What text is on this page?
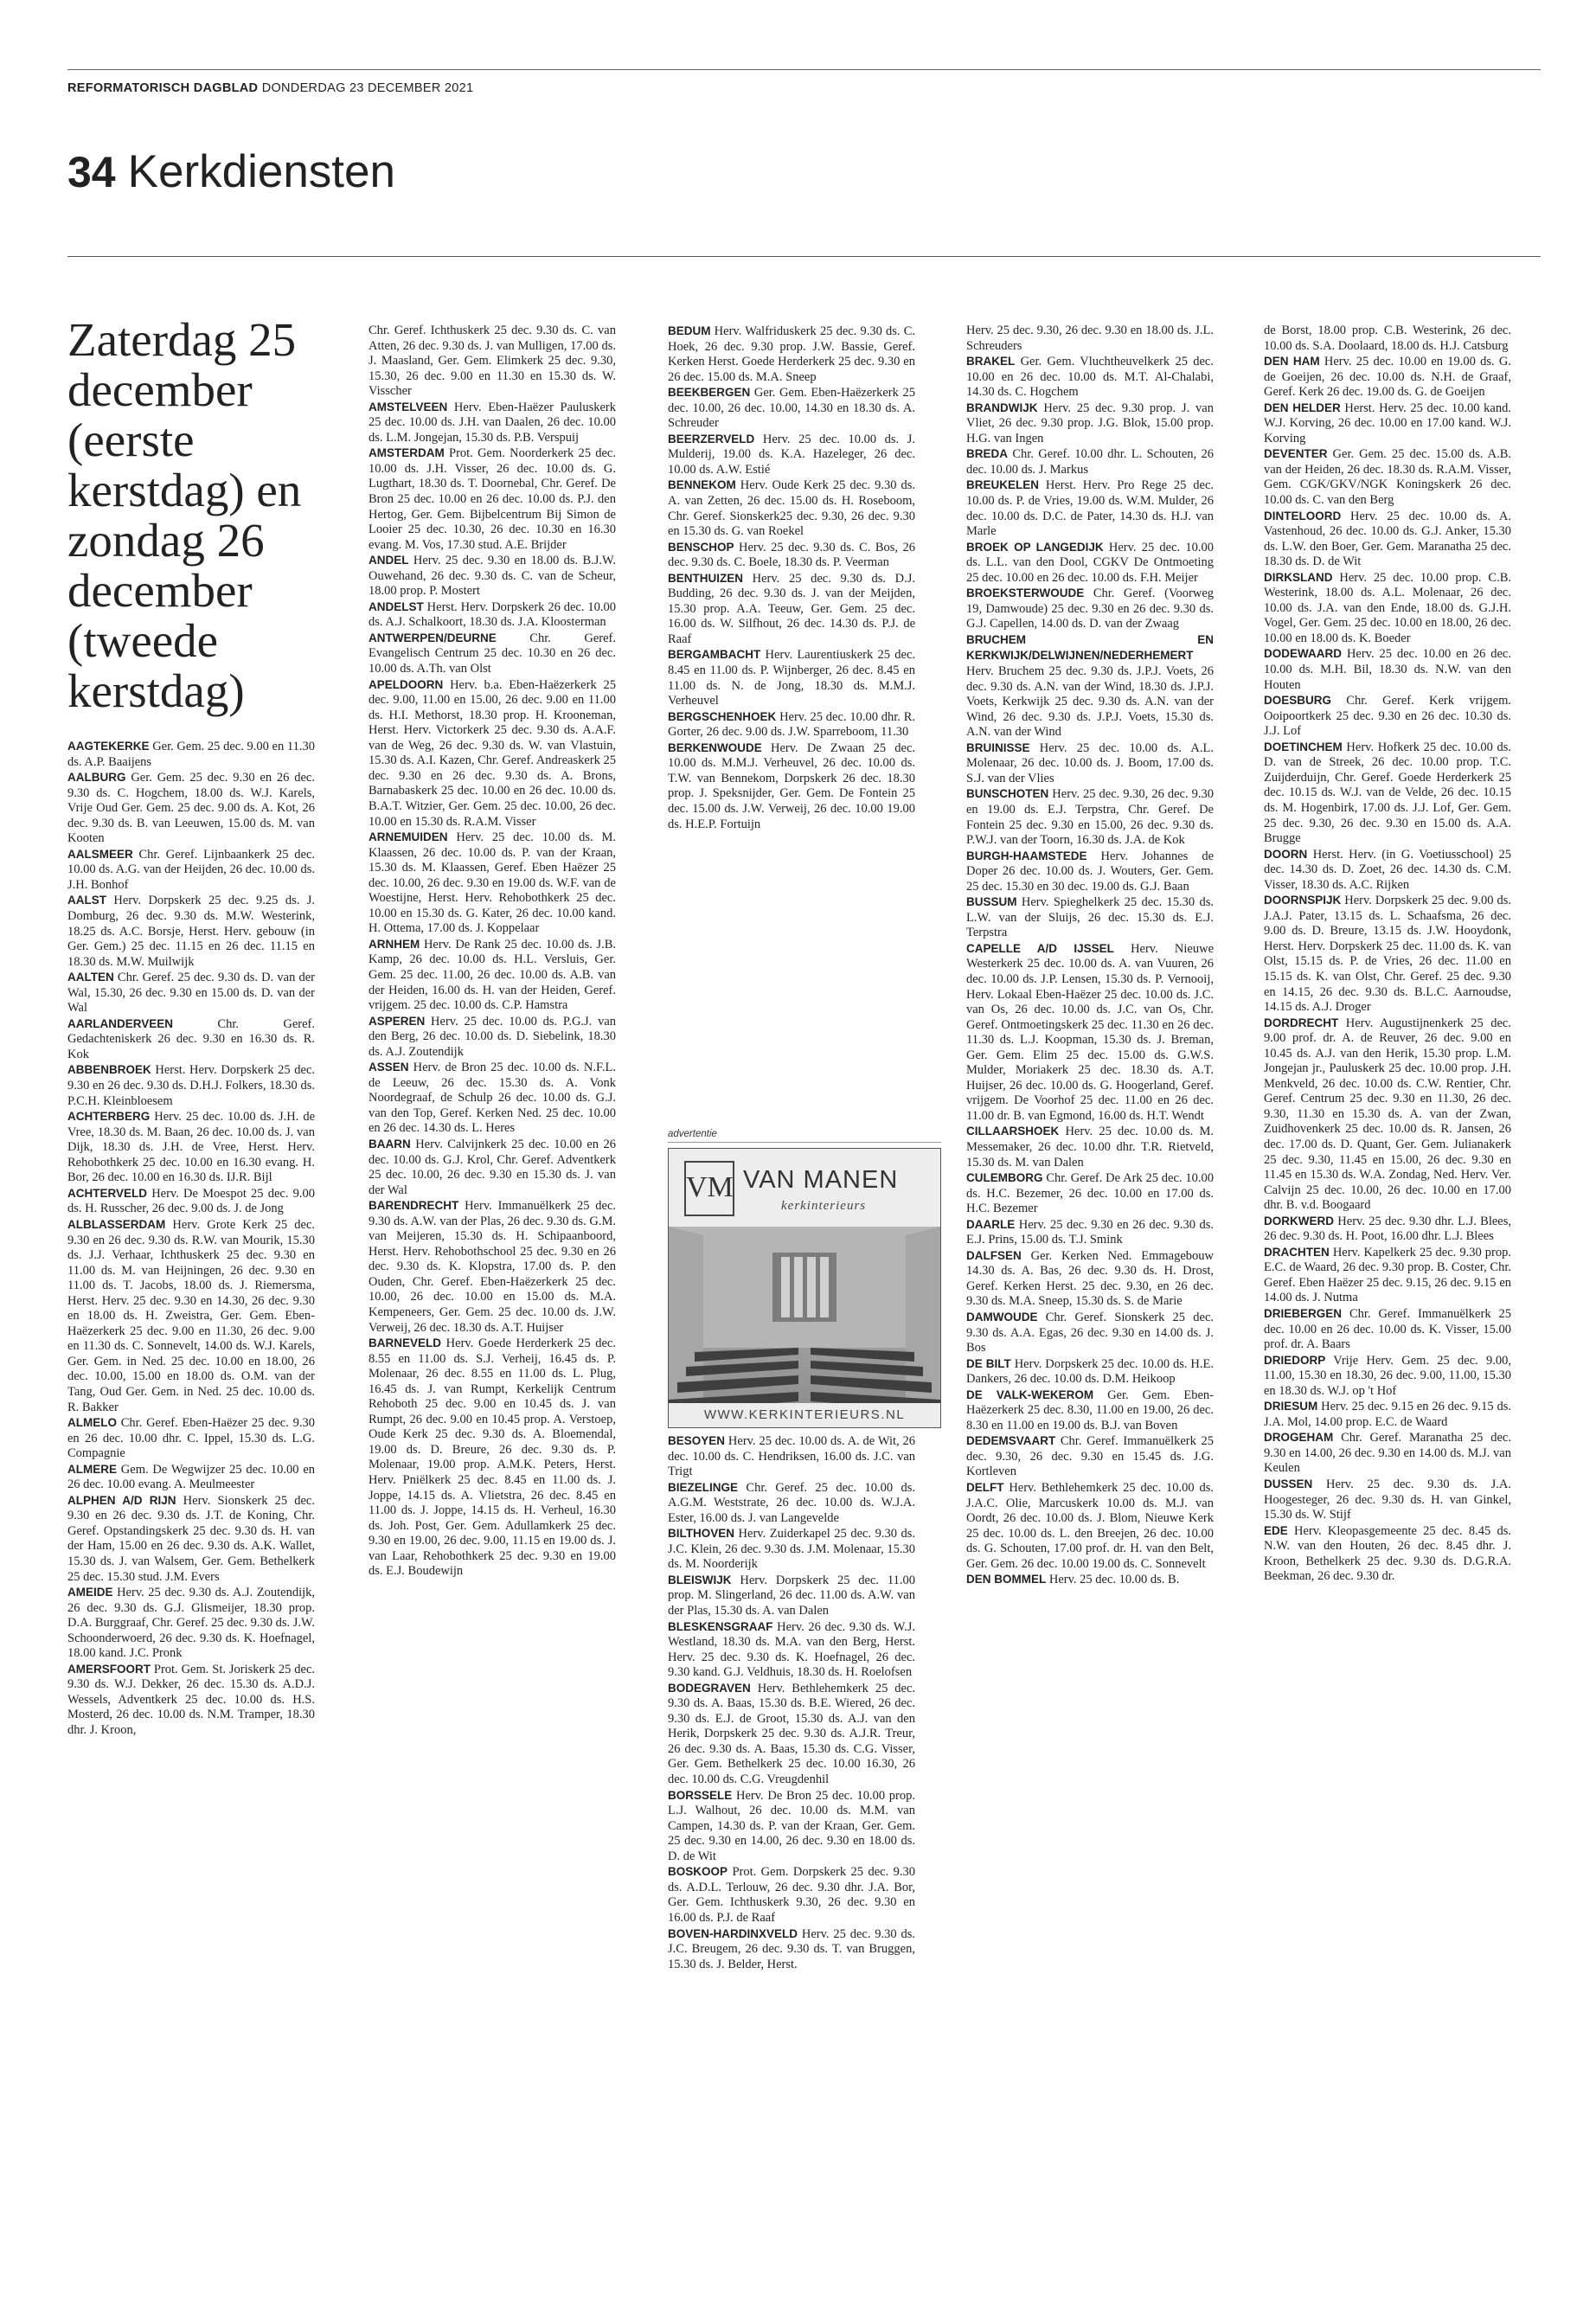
REFORMATORISCH DAGBLAD DONDERDAG 23 DECEMBER 2021
34 Kerkdiensten
Zaterdag 25 december (eerste kerstdag) en zondag 26 december (tweede kerstdag)

AAGTEKERKE Ger. Gem. 25 dec. 9.00 en 11.30 ds. A.P. Baaijens

AALBURG Ger. Gem. 25 dec. 9.30 en 26 dec. 9.30 ds. C. Hogchem, 18.00 ds. W.J. Karels, Vrije Oud Ger. Gem. 25 dec. 9.00 ds. A. Kot, 26 dec. 9.30 ds. B. van Leeuwen, 15.00 ds. M. van Kooten

AALSMEER Chr. Geref. Lijnbaankerk 25 dec. 10.00 ds. A.G. van der Heijden, 26 dec. 10.00 ds. J.H. Bonhof

AALST Herv. Dorpskerk 25 dec. 9.25 ds. J. Domburg, 26 dec. 9.30 ds. M.W. Westerink, 18.25 ds. A.C. Borsje, Herst. Herv. gebouw (in Ger. Gem.) 25 dec. 11.15 en 26 dec. 11.15 en 18.30 ds. M.W. Muilwijk

AALTEN Chr. Geref. 25 dec. 9.30 ds. D. van der Wal, 15.30, 26 dec. 9.30 en 15.00 ds. D. van der Wal

AARLANDERVEEN	Chr. Geref. Gedachteniskerk 26 dec. 9.30 en 16.30 ds. R. Kok

ABBENBROEK Herst. Herv. Dorpskerk 25 dec. 9.30 en 26 dec. 9.30 ds. D.H.J. Folkers, 18.30 ds. P.C.H. Kleinbloesem

ACHTERBERG Herv. 25 dec. 10.00 ds. J.H. de Vree, 18.30 ds. M. Baan, 26 dec. 10.00 ds. J. van Dijk, 18.30 ds. J.H. de Vree, Herst. Herv. Rehobothkerk 25 dec. 10.00 en 16.30 evang. H. Bor, 26 dec. 10.00 en 16.30 ds. IJ.R. Bijl

ACHTERVELD Herv. De Moespot 25 dec. 9.00 ds. H. Russcher, 26 dec. 9.00 ds. J. de Jong

ALBLASSERDAM Herv. Grote Kerk 25 dec. 9.30 en 26 dec. 9.30 ds. R.W. van Mourik, 15.30 ds. J.J. Verhaar, Ichthuskerk 25 dec. 9.30 en 11.00 ds. M. van Heijningen, 26 dec. 9.30 en 11.00 ds. T. Jacobs, 18.00 ds. J. Riemersma, Herst. Herv. 25 dec. 9.30 en 14.30, 26 dec. 9.30 en 18.00 ds. H. Zweistra, Ger. Gem. Eben-Haëzerkerk 25 dec. 9.00 en 11.30, 26 dec. 9.00 en 11.30 ds. C. Sonnevelt, 14.00 ds. W.J. Karels, Ger. Gem. in Ned. 25 dec. 10.00 en 18.00, 26 dec. 10.00, 15.00 en 18.00 ds. O.M. van der Tang, Oud Ger. Gem. in Ned. 25 dec. 10.00 ds. R. Bakker

ALMELO Chr. Geref. Eben-Haëzer 25 dec. 9.30 en 26 dec. 10.00 dhr. C. Ippel, 15.30 ds. L.G. Compagnie

ALMERE Gem. De Wegwijzer 25 dec. 10.00 en 26 dec. 10.00 evang. A. Meulmeester

ALPHEN A/D RIJN Herv. Sionskerk 25 dec. 9.30 en 26 dec. 9.30 ds. J.T. de Koning, Chr. Geref. Opstandingskerk 25 dec. 9.30 ds. H. van der Ham, 15.00 en 26 dec. 9.30 ds. A.K. Wallet, 15.30 ds. J. van Walsem, Ger. Gem. Bethelkerk 25 dec. 15.30 stud. J.M. Evers

AMEIDE Herv. 25 dec. 9.30 ds. A.J. Zoutendijk, 26 dec. 9.30 ds. G.J. Glismeijer, 18.30 prop. D.A. Burggraaf, Chr. Geref. 25 dec. 9.30 ds. J.W. Schoonderwoerd, 26 dec. 9.30 ds. K. Hoefnagel, 18.00 kand. J.C. Pronk

AMERSFOORT Prot. Gem. St. Joriskerk 25 dec. 9.30 ds. W.J. Dekker, 26 dec. 15.30 ds. A.D.J. Wessels, Adventkerk 25 dec. 10.00 ds. H.S. Mosterd, 26 dec. 10.00 ds. N.M. Tramper, 18.30 dhr. J. Kroon,

Chr. Geref. Ichthuskerk 25 dec. 9.30 ds. C. van Atten, 26 dec. 9.30 ds. J. van Mulligen, 17.00 ds. J. Maasland, Ger. Gem. Elimkerk 25 dec. 9.30, 15.30, 26 dec. 9.00 en 11.30 en 15.30 ds. W. Visscher

AMSTELVEEN Herv. Eben-Haëzer Pauluskerk 25 dec. 10.00 ds. J.H. van Daalen, 26 dec. 10.00 ds. L.M. Jongejan, 15.30 ds. P.B. Verspuij

AMSTERDAM Prot. Gem. Noorderkerk 25 dec. 10.00 ds. J.H. Visser, 26 dec. 10.00 ds. G. Lugthart, 18.30 ds. T. Doornebal, Chr. Geref. De Bron 25 dec. 10.00 en 26 dec. 10.00 ds. P.J. den Hertog, Ger. Gem. Bijbelcentrum Bij Simon de Looier 25 dec. 10.30, 26 dec. 10.30 en 16.30 evang. M. Vos, 17.30 stud. A.E. Brijder

ANDEL Herv. 25 dec. 9.30 en 18.00 ds. B.J.W. Ouwehand, 26 dec. 9.30 ds. C. van de Scheur, 18.00 prop. P. Mostert

ANDELST Herst. Herv. Dorpskerk 26 dec. 10.00 ds. A.J. Schalkoort, 18.30 ds. J.A. Kloosterman

ANTWERPEN/DEURNE	Chr. Geref. Evangelisch Centrum 25 dec. 10.30 en 26 dec. 10.00 ds. A.Th. van Olst

APELDOORN Herv. b.a. Eben-Haëzerkerk 25 dec. 9.00, 11.00 en 15.00, 26 dec. 9.00 en 11.00 ds. H.I. Methorst, 18.30 prop. H. Krooneman, Herst. Herv. Victorkerk 25 dec. 9.30 ds. A.A.F. van de Weg, 26 dec. 9.30 ds. W. van Vlastuin, 15.30 ds. A.I. Kazen, Chr. Geref. Andreaskerk 25 dec. 9.30 en 26 dec. 9.30 ds. A. Brons, Barnabaskerk 25 dec. 10.00 en 26 dec. 10.00 ds. B.A.T. Witzier, Ger. Gem. 25 dec. 10.00, 26 dec. 10.00 en 15.30 ds. R.A.M. Visser

ARNEMUIDEN Herv. 25 dec. 10.00 ds. M. Klaassen, 26 dec. 10.00 ds. P. van der Kraan, 15.30 ds. M. Klaassen, Geref. Eben Haëzer 25 dec. 10.00, 26 dec. 9.30 en 19.00 ds. W.F. van de Woestijne, Herst. Herv. Rehobothkerk 25 dec. 10.00 en 15.30 ds. G. Kater, 26 dec. 10.00 kand. H. Ottema, 17.00 ds. J. Koppelaar

ARNHEM Herv. De Rank 25 dec. 10.00 ds. J.B. Kamp, 26 dec. 10.00 ds. H.L. Versluis, Ger. Gem. 25 dec. 11.00, 26 dec. 10.00 ds. A.B. van der Heiden, 16.00 ds. H. van der Heiden, Geref. vrijgem. 25 dec. 10.00 ds. C.P. Hamstra

ASPEREN Herv. 25 dec. 10.00 ds. P.G.J. van den Berg, 26 dec. 10.00 ds. D. Siebelink, 18.30 ds. A.J. Zoutendijk

ASSEN Herv. de Bron 25 dec. 10.00 ds. N.F.L. de Leeuw, 26 dec. 15.30 ds. A. Vonk Noordegraaf, de Schulp 26 dec. 10.00 ds. G.J. van den Top, Geref. Kerken Ned. 25 dec. 10.00 en 26 dec. 14.30 ds. L. Heres

BAARN Herv. Calvijnkerk 25 dec. 10.00 en 26 dec. 10.00 ds. G.J. Krol, Chr. Geref. Adventkerk 25 dec. 10.00, 26 dec. 9.30 en 15.30 ds. J. van der Wal

BARENDRECHT Herv. Immanuëlkerk 25 dec. 9.30 ds. A.W. van der Plas, 26 dec. 9.30 ds. G.M. van Meijeren, 15.30 ds. H. Schipaanboord, Herst. Herv. Rehobothschool 25 dec. 9.30 en 26 dec. 9.30 ds. K. Klopstra, 17.00 ds. P. den Ouden, Chr. Geref. Eben-Haëzerkerk 25 dec. 10.00, 26 dec. 10.00 en 15.00 ds. M.A. Kempeneers, Ger. Gem. 25 dec. 10.00 ds. J.W. Verweij, 26 dec. 18.30 ds. A.T. Huijser

BARNEVELD Herv. Goede Herderkerk 25 dec. 8.55 en 11.00 ds. S.J. Verheij, 16.45 ds. P. Molenaar, 26 dec. 8.55 en 11.00 ds. L. Plug, 16.45 ds. J. van Rumpt, Kerkelijk Centrum Rehoboth 25 dec. 9.00 en 10.45 ds. J. van Rumpt, 26 dec. 9.00 en 10.45 prop. A. Verstoep, Oude Kerk 25 dec. 9.30 ds. A. Bloemendal, 19.00 ds. D. Breure, 26 dec. 9.30 ds. P. Molenaar, 19.00 prop. A.M.K. Peters, Herst. Herv. Pniëlkerk 25 dec. 8.45 en 11.00 ds. J. Joppe, 14.15 ds. A. Vlietstra, 26 dec. 8.45 en 11.00 ds. J. Joppe, 14.15 ds. H. Verheul, 16.30 ds. Joh. Post, Ger. Gem. Adullamkerk 25 dec. 9.30 en 19.00, 26 dec. 9.00, 11.15 en 19.00 ds. J. van Laar, Rehobothkerk 25 dec. 9.30 en 19.00 ds. E.J. Boudewijn

BEDUM Herv. Walfriduskerk 25 dec. 9.30 ds. C. Hoek, 26 dec. 9.30 prop. J.W. Bassie, Geref. Kerken Herst. Goede Herderkerk 25 dec. 9.30 en 26 dec. 15.00 ds. M.A. Sneep

BEEKBERGEN Ger. Gem. Eben-Haëzerkerk 25 dec. 10.00, 26 dec. 10.00, 14.30 en 18.30 ds. A. Schreuder

BEERZERVELD Herv. 25 dec. 10.00 ds. J. Mulderij, 19.00 ds. K.A. Hazeleger, 26 dec. 10.00 ds. A.W. Estié

BENNEKOM Herv. Oude Kerk 25 dec. 9.30 ds. A. van Zetten, 26 dec. 15.00 ds. H. Roseboom, Chr. Geref. Sionskerk25 dec. 9.30, 26 dec. 9.30 en 15.30 ds. G. van Roekel

BENSCHOP Herv. 25 dec. 9.30 ds. C. Bos, 26 dec. 9.30 ds. C. Boele, 18.30 ds. P. Veerman

BENTHUIZEN Herv. 25 dec. 9.30 ds. D.J. Budding, 26 dec. 9.30 ds. J. van der Meijden, 15.30 prop. A.A. Teeuw, Ger. Gem. 25 dec. 16.00 ds. W. Silfhout, 26 dec. 14.30 ds. P.J. de Raaf

BERGAMBACHT Herv. Laurentiuskerk 25 dec. 8.45 en 11.00 ds. P. Wijnberger, 26 dec. 8.45 en 11.00 ds. N. de Jong, 18.30 ds. M.M.J. Verheuvel

BERGSCHENHOEK Herv. 25 dec. 10.00 dhr. R. Gorter, 26 dec. 9.00 ds. J.W. Sparreboom, 11.30

BERKENWOUDE Herv. De Zwaan 25 dec. 10.00 ds. M.M.J. Verheuvel, 26 dec. 10.00 ds. T.W. van Bennekom, Dorpskerk 26 dec. 18.30 prop. J. Speksnijder, Ger. Gem. De Fontein 25 dec. 15.00 ds. J.W. Verweij, 26 dec. 10.00 19.00 ds. H.E.P. Fortuijn

advertentie
VM VAN MANEN
kerkinterieurs
WWW.KERKINTERIEURS.NL

BESOYEN Herv. 25 dec. 10.00 ds. A. de Wit, 26 dec. 10.00 ds. C. Hendriksen, 16.00 ds. J.C. van Trigt

BIEZELINGE Chr. Geref. 25 dec. 10.00 ds. A.G.M. Weststrate, 26 dec. 10.00 ds. W.J.A. Ester, 16.00 ds. J. van Langevelde

BILTHOVEN Herv. Zuiderkapel 25 dec. 9.30 ds. J.C. Klein, 26 dec. 9.30 ds. J.M. Molenaar, 15.30 ds. M. Noorderijk

BLEISWIJK Herv. Dorpskerk 25 dec. 11.00 prop. M. Slingerland, 26 dec. 11.00 ds. A.W. van der Plas, 15.30 ds. A. van Dalen

BLESKENSGRAAF Herv. 26 dec. 9.30 ds. W.J. Westland, 18.30 ds. M.A. van den Berg, Herst. Herv. 25 dec. 9.30 ds. K. Hoefnagel, 26 dec. 9.30 kand. G.J. Veldhuis, 18.30 ds. H. Roelofsen

BODEGRAVEN Herv. Bethlehemkerk 25 dec. 9.30 ds. A. Baas, 15.30 ds. B.E. Wiered, 26 dec. 9.30 ds. E.J. de Groot, 15.30 ds. A.J. van den Herik, Dorpskerk 25 dec. 9.30 ds. A.J.R. Treur, 26 dec. 9.30 ds. A. Baas, 15.30 ds. C.G. Visser, Ger. Gem. Bethelkerk 25 dec. 10.00 16.30, 26 dec. 10.00 ds. C.G. Vreugdenhil

BORSSELE Herv. De Bron 25 dec. 10.00 prop. L.J. Walhout, 26 dec. 10.00 ds. M.M. van Campen, 14.30 ds. P. van der Kraan, Ger. Gem. 25 dec. 9.30 en 14.00, 26 dec. 9.30 en 18.00 ds. D. de Wit

BOSKOOP Prot. Gem. Dorpskerk 25 dec. 9.30 ds. A.D.L. Terlouw, 26 dec. 9.30 dhr. J.A. Bor, Ger. Gem. Ichthuskerk 9.30, 26 dec. 9.30 en 16.00 ds. P.J. de Raaf

BOVEN-HARDINXVELD Herv. 25 dec. 9.30 ds. J.C. Breugem, 26 dec. 9.30 ds. T. van Bruggen, 15.30 ds. J. Belder, Herst.

Herv. 25 dec. 9.30, 26 dec. 9.30 en 18.00 ds. J.L. Schreuders

BRAKEL Ger. Gem. Vluchtheuvelkerk 25 dec. 10.00 en 26 dec. 10.00 ds. M.T. Al-Chalabi, 14.30 ds. C. Hogchem

BRANDWIJK Herv. 25 dec. 9.30 prop. J. van Vliet, 26 dec. 9.30 prop. J.G. Blok, 15.00 prop. H.G. van Ingen

BREDA Chr. Geref. 10.00 dhr. L. Schouten, 26 dec. 10.00 ds. J. Markus

BREUKELEN Herst. Herv. Pro Rege 25 dec. 10.00 ds. P. de Vries, 19.00 ds. W.M. Mulder, 26 dec. 10.00 ds. D.C. de Pater, 14.30 ds. H.J. van Marle

BROEK OP LANGEDIJK Herv. 25 dec. 10.00 ds. L.L. van den Dool, CGKV De Ontmoeting 25 dec. 10.00 en 26 dec. 10.00 ds. F.H. Meijer

BROEKSTERWOUDE Chr. Geref. (Voorweg 19, Damwoude) 25 dec. 9.30 en 26 dec. 9.30 ds. G.J. Capellen, 14.00 ds. D. van der Zwaag

BRUCHEM EN KERKWIJK/DELWIJNEN/NEDERHEMERT Herv. Bruchem 25 dec. 9.30 ds. J.P.J. Voets, 26 dec. 9.30 ds. A.N. van der Wind, 18.30 ds. J.P.J. Voets, Kerkwijk 25 dec. 9.30 ds. A.N. van der Wind, 26 dec. 9.30 ds. J.P.J. Voets, 15.30 ds. A.N. van der Wind

BRUINISSE Herv. 25 dec. 10.00 ds. A.L. Molenaar, 26 dec. 10.00 ds. J. Boom, 17.00 ds. S.J. van der Vlies

BUNSCHOTEN Herv. 25 dec. 9.30, 26 dec. 9.30 en 19.00 ds. E.J. Terpstra, Chr. Geref. De Fontein 25 dec. 9.30 en 15.00, 26 dec. 9.30 ds. P.W.J. van der Toorn, 16.30 ds. J.A. de Kok

BURGH-HAAMSTEDE Herv. Johannes de Doper 26 dec. 10.00 ds. J. Wouters, Ger. Gem. 25 dec. 15.30 en 30 dec. 19.00 ds. G.J. Baan

BUSSUM Herv. Spieghelkerk 25 dec. 15.30 ds. L.W. van der Sluijs, 26 dec. 15.30 ds. E.J. Terpstra

CAPELLE A/D IJSSEL Herv. Nieuwe Westerkerk 25 dec. 10.00 ds. A. van Vuuren, 26 dec. 10.00 ds. J.P. Lensen, 15.30 ds. P. Vernooij, Herv. Lokaal Eben-Haëzer 25 dec. 10.00 ds. J.C. van Os, 26 dec. 10.00 ds. J.C. van Os, Chr. Geref. Ontmoetingskerk 25 dec. 11.30 en 26 dec. 11.30 ds. L.J. Koopman, 15.30 ds. J. Breman, Ger. Gem. Elim 25 dec. 15.00 ds. G.W.S. Mulder, Moriakerk 25 dec. 18.30 ds. A.T. Huijser, 26 dec. 10.00 ds. G. Hoogerland, Geref. vrijgem. De Voorhof 25 dec. 11.00 en 26 dec. 11.00 dr. B. van Egmond, 16.00 ds. H.T. Wendt

CILLAARSHOEK Herv. 25 dec. 10.00 ds. M. Messemaker, 26 dec. 10.00 dhr. T.R. Rietveld, 15.30 ds. M. van Dalen

CULEMBORG Chr. Geref. De Ark 25 dec. 10.00 ds. H.C. Bezemer, 26 dec. 10.00 en 17.00 ds. H.C. Bezemer

DAARLE Herv. 25 dec. 9.30 en 26 dec. 9.30 ds. E.J. Prins, 15.00 ds. T.J. Smink

DALFSEN Ger. Kerken Ned. Emmagebouw 14.30 ds. A. Bas, 26 dec. 9.30 ds. H. Drost, Geref. Kerken Herst. 25 dec. 9.30, en 26 dec. 9.30 ds. M.A. Sneep, 15.30 ds. S. de Marie

DAMWOUDE Chr. Geref. Sionskerk 25 dec. 9.30 ds. A.A. Egas, 26 dec. 9.30 en 14.00 ds. J. Bos

DE BILT Herv. Dorpskerk 25 dec. 10.00 ds. H.E. Dankers, 26 dec. 10.00 ds. D.M. Heikoop

DE VALK-WEKEROM Ger. Gem. Eben-Haëzerkerk 25 dec. 8.30, 11.00 en 19.00, 26 dec. 8.30 en 11.00 en 19.00 ds. B.J. van Boven

DEDEMSVAART Chr. Geref. Immanuëlkerk 25 dec. 9.30, 26 dec. 9.30 en 15.45 ds. J.G. Kortleven

DELFT Herv. Bethlehemkerk 25 dec. 10.00 ds. J.A.C. Olie, Marcuskerk 10.00 ds. M.J. van Oordt, 26 dec. 10.00 ds. J. Blom, Nieuwe Kerk 25 dec. 10.00 ds. L. den Breejen, 26 dec. 10.00 ds. G. Schouten, 17.00 prof. dr. H. van den Belt, Ger. Gem. 26 dec. 10.00 19.00 ds. C. Sonnevelt

DEN BOMMEL Herv. 25 dec. 10.00 ds. B.

de Borst, 18.00 prop. C.B. Westerink, 26 dec. 10.00 ds. S.A. Doolaard, 18.00 ds. H.J. Catsburg

DEN HAM Herv. 25 dec. 10.00 en 19.00 ds. G. de Goeijen, 26 dec. 10.00 ds. N.H. de Graaf, Geref. Kerk 26 dec. 19.00 ds. G. de Goeijen

DEN HELDER Herst. Herv. 25 dec. 10.00 kand. W.J. Korving, 26 dec. 10.00 en 17.00 kand. W.J. Korving

DEVENTER Ger. Gem. 25 dec. 15.00 ds. A.B. van der Heiden, 26 dec. 18.30 ds. R.A.M. Visser, Gem. CGK/GKV/NGK Koningskerk 26 dec. 10.00 ds. C. van den Berg

DINTELOORD Herv. 25 dec. 10.00 ds. A. Vastenhoud, 26 dec. 10.00 ds. G.J. Anker, 15.30 ds. L.W. den Boer, Ger. Gem. Maranatha 25 dec. 18.30 ds. D. de Wit

DIRKSLAND Herv. 25 dec. 10.00 prop. C.B. Westerink, 18.00 ds. A.L. Molenaar, 26 dec. 10.00 ds. J.A. van den Ende, 18.00 ds. G.J.H. Vogel, Ger. Gem. 25 dec. 10.00 en 18.00, 26 dec. 10.00 en 18.00 ds. K. Boeder

DODEWAARD Herv. 25 dec. 10.00 en 26 dec. 10.00 ds. M.H. Bil, 18.30 ds. N.W. van den Houten

DOESBURG Chr. Geref. Kerk vrijgem. Ooipoortkerk 25 dec. 9.30 en 26 dec. 10.30 ds. J.J. Lof

DOETINCHEM Herv. Hofkerk 25 dec. 10.00 ds. D. van de Streek, 26 dec. 10.00 prop. T.C. Zuijderduijn, Chr. Geref. Goede Herderkerk 25 dec. 10.15 ds. W.J. van de Velde, 26 dec. 10.15 ds. M. Hogenbirk, 17.00 ds. J.J. Lof, Ger. Gem. 25 dec. 9.30, 26 dec. 9.30 en 15.00 ds. A.A. Brugge

DOORN Herst. Herv. (in G. Voetiusschool) 25 dec. 14.30 ds. D. Zoet, 26 dec. 14.30 ds. C.M. Visser, 18.30 ds. A.C. Rijken

DOORNSPIJK Herv. Dorpskerk 25 dec. 9.00 ds. J.A.J. Pater, 13.15 ds. L. Schaafsma, 26 dec. 9.00 ds. D. Breure, 13.15 ds. J.W. Hooydonk, Herst. Herv. Dorpskerk 25 dec. 11.00 ds. K. van Olst, 15.15 ds. P. de Vries, 26 dec. 11.00 en 15.15 ds. K. van Olst, Chr. Geref. 25 dec. 9.30 en 14.15, 26 dec. 9.30 ds. B.L.C. Aarnoudse, 14.15 ds. A.J. Droger

DORDRECHT Herv. Augustijnenkerk 25 dec. 9.00 prof. dr. A. de Reuver, 26 dec. 9.00 en 10.45 ds. A.J. van den Herik, 15.30 prop. L.M. Jongejan jr., Pauluskerk 25 dec. 10.00 prop. J.H. Menkveld, 26 dec. 10.00 ds. C.W. Rentier, Chr. Geref. Centrum 25 dec. 9.30 en 11.30, 26 dec. 9.30, 11.30 en 15.30 ds. A. van der Zwan, Zuidhovenkerk 25 dec. 10.00 ds. R. Jansen, 26 dec. 17.00 ds. D. Quant, Ger. Gem. Julianakerk 25 dec. 9.30, 11.45 en 15.00, 26 dec. 9.30 en 11.45 en 15.30 ds. W.A. Zondag, Ned. Herv. Ver. Calvijn 25 dec. 10.00, 26 dec. 10.00 en 17.00 dhr. B. v.d. Boogaard

DORKWERD Herv. 25 dec. 9.30 dhr. L.J. Blees, 26 dec. 9.30 ds. H. Poot, 16.00 dhr. L.J. Blees

DRACHTEN Herv. Kapelkerk 25 dec. 9.30 prop. E.C. de Waard, 26 dec. 9.30 prop. B. Coster, Chr. Geref. Eben Haëzer 25 dec. 9.15, 26 dec. 9.15 en 14.00 ds. J. Nutma

DRIEBERGEN Chr. Geref. Immanuëlkerk 25 dec. 10.00 en 26 dec. 10.00 ds. K. Visser, 15.00 prof. dr. A. Baars

DRIEDORP Vrije Herv. Gem. 25 dec. 9.00, 11.00, 15.30 en 18.30, 26 dec. 9.00, 11.00, 15.30 en 18.30 ds. W.J. op 't Hof

DRIESUM Herv. 25 dec. 9.15 en 26 dec. 9.15 ds. J.A. Mol, 14.00 prop. E.C. de Waard

DROGEHAM Chr. Geref. Maranatha 25 dec. 9.30 en 14.00, 26 dec. 9.30 en 14.00 ds. M.J. van Keulen

DUSSEN Herv. 25 dec. 9.30 ds. J.A. Hoogesteger, 26 dec. 9.30 ds. H. van Ginkel, 15.30 ds. W. Stijf

EDE Herv. Kleopasgemeente 25 dec. 8.45 ds. N.W. van den Houten, 26 dec. 8.45 dhr. J. Kroon, Bethelkerk 25 dec. 9.30 ds. D.G.R.A. Beekman, 26 dec. 9.30 dr.
